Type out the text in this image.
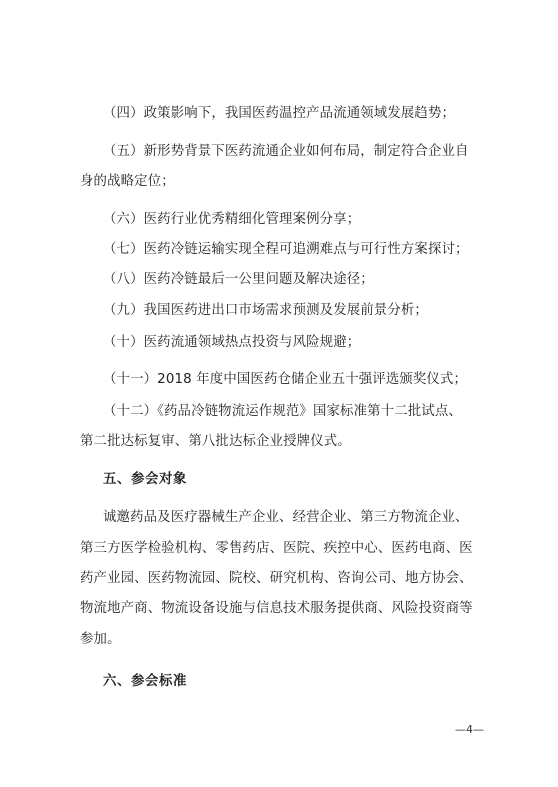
（四）政策影响下，我国医药温控产品流通领域发展趋势；
（五）新形势背景下医药流通企业如何布局，制定符合企业自
身的战略定位；
（六）医药行业优秀精细化管理案例分享；
（七）医药冷链运输实现全程可追溯难点与可行性方案探讨；
（八）医药冷链最后一公里问题及解决途径；
（九）我国医药进出口市场需求预测及发展前景分析；
（十）医药流通领域热点投资与风险规避；
（十一）2018 年度中国医药仓储企业五十强评选颁奖仪式；
（十二）《药品冷链物流运作规范》国家标准第十二批试点、
第二批达标复审、第八批达标企业授牌仪式。
五、参会对象
诚邀药品及医疗器械生产企业、经营企业、第三方物流企业、
第三方医学检验机构、零售药店、医院、疾控中心、医药电商、医
药产业园、医药物流园、院校、研究机构、咨询公司、地方协会、
物流地产商、物流设备设施与信息技术服务提供商、风险投资商等
参加。
六、参会标准
—4—
